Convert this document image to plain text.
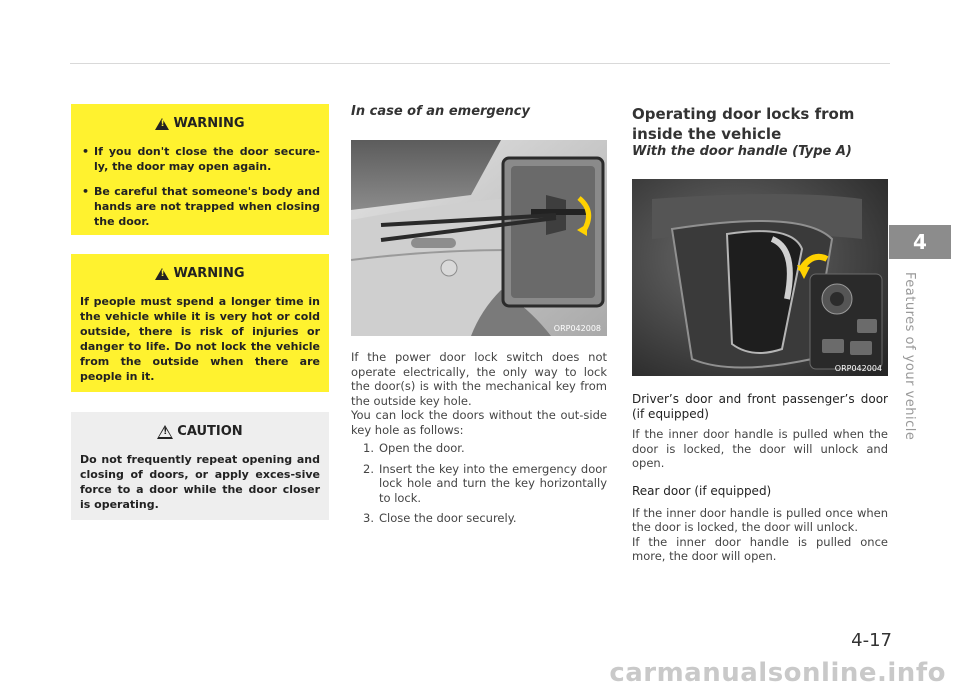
!
WARNING
• If you don't close the door secure-ly, the door may open again.
• Be careful that someone's body and hands are not trapped when closing the door.
!
WARNING
If people must spend a longer time in the vehicle while it is very hot or cold outside, there is risk of injuries or danger to life. Do not lock the vehicle from the outside when there are people in it.
!
CAUTION
Do not frequently repeat opening and closing of doors, or apply exces-sive force to a door while the door closer is operating.
In case of an emergency
ORP042008
If the power door lock switch does not operate electrically, the only way to lock the door(s) is with the mechanical key from the outside key hole.
You can lock the doors without the out-side key hole as follows:
1. Open the door.
2. Insert the key into the emergency door lock hole and turn the key horizontally to lock.
3. Close the door securely.
Operating door locks from inside the vehicle
With the door handle (Type A)
ORP042004
Driver’s door and front passenger’s door (if equipped)
If the inner door handle is pulled when the door is locked, the door will unlock and open.
Rear door (if equipped)
If the inner door handle is pulled once when the door is locked, the door will unlock.
If the inner door handle is pulled once more, the door will open.
4
Features of your vehicle
4-17
carmanualsonline.info
